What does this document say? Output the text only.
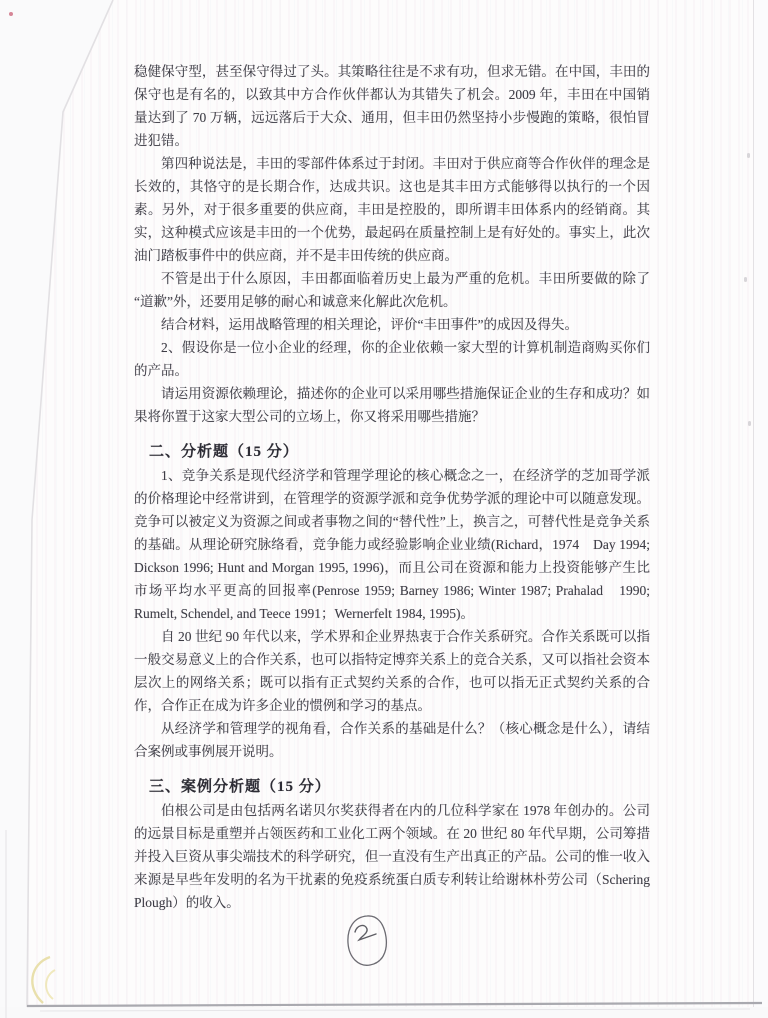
稳健保守型，甚至保守得过了头。其策略往往是不求有功，但求无错。在中国，丰田的保守也是有名的，以致其中方合作伙伴都认为其错失了机会。2009 年，丰田在中国销量达到了 70 万辆，远远落后于大众、通用，但丰田仍然坚持小步慢跑的策略，很怕冒进犯错。

第四种说法是，丰田的零部件体系过于封闭。丰田对于供应商等合作伙伴的理念是长效的，其恪守的是长期合作，达成共识。这也是其丰田方式能够得以执行的一个因素。另外，对于很多重要的供应商，丰田是控股的，即所谓丰田体系内的经销商。其实，这种模式应该是丰田的一个优势，最起码在质量控制上是有好处的。事实上，此次油门踏板事件中的供应商，并不是丰田传统的供应商。

不管是出于什么原因，丰田都面临着历史上最为严重的危机。丰田所要做的除了“道歉”外，还要用足够的耐心和诚意来化解此次危机。

结合材料，运用战略管理的相关理论，评价“丰田事件”的成因及得失。

2、假设你是一位小企业的经理，你的企业依赖一家大型的计算机制造商购买你们的产品。

请运用资源依赖理论，描述你的企业可以采用哪些措施保证企业的生存和成功？如果将你置于这家大型公司的立场上，你又将采用哪些措施？

二、分析题（15 分）

1、竞争关系是现代经济学和管理学理论的核心概念之一，在经济学的芝加哥学派的价格理论中经常讲到，在管理学的资源学派和竞争优势学派的理论中可以随意发现。竞争可以被定义为资源之间或者事物之间的“替代性”上，换言之，可替代性是竞争关系的基础。从理论研究脉络看，竞争能力或经验影响企业业绩(Richard，1974　Day 1994; Dickson 1996; Hunt and Morgan 1995, 1996)，而且公司在资源和能力上投资能够产生比市场平均水平更高的回报率(Penrose 1959; Barney 1986; Winter 1987; Prahalad　1990; Rumelt, Schendel, and Teece 1991；Wernerfelt 1984, 1995)。

自 20 世纪 90 年代以来，学术界和企业界热衷于合作关系研究。合作关系既可以指一般交易意义上的合作关系，也可以指特定博弈关系上的竞合关系，又可以指社会资本层次上的网络关系；既可以指有正式契约关系的合作，也可以指无正式契约关系的合作，合作正在成为许多企业的惯例和学习的基点。

从经济学和管理学的视角看，合作关系的基础是什么？（核心概念是什么），请结合案例或事例展开说明。

三、案例分析题（15 分）

伯根公司是由包括两名诺贝尔奖获得者在内的几位科学家在 1978 年创办的。公司的远景目标是重塑并占领医药和工业化工两个领域。在 20 世纪 80 年代早期，公司筹措并投入巨资从事尖端技术的科学研究，但一直没有生产出真正的产品。公司的惟一收入来源是早些年发明的名为干扰素的免疫系统蛋白质专利转让给谢林朴劳公司（Schering Plough）的收入。

2
